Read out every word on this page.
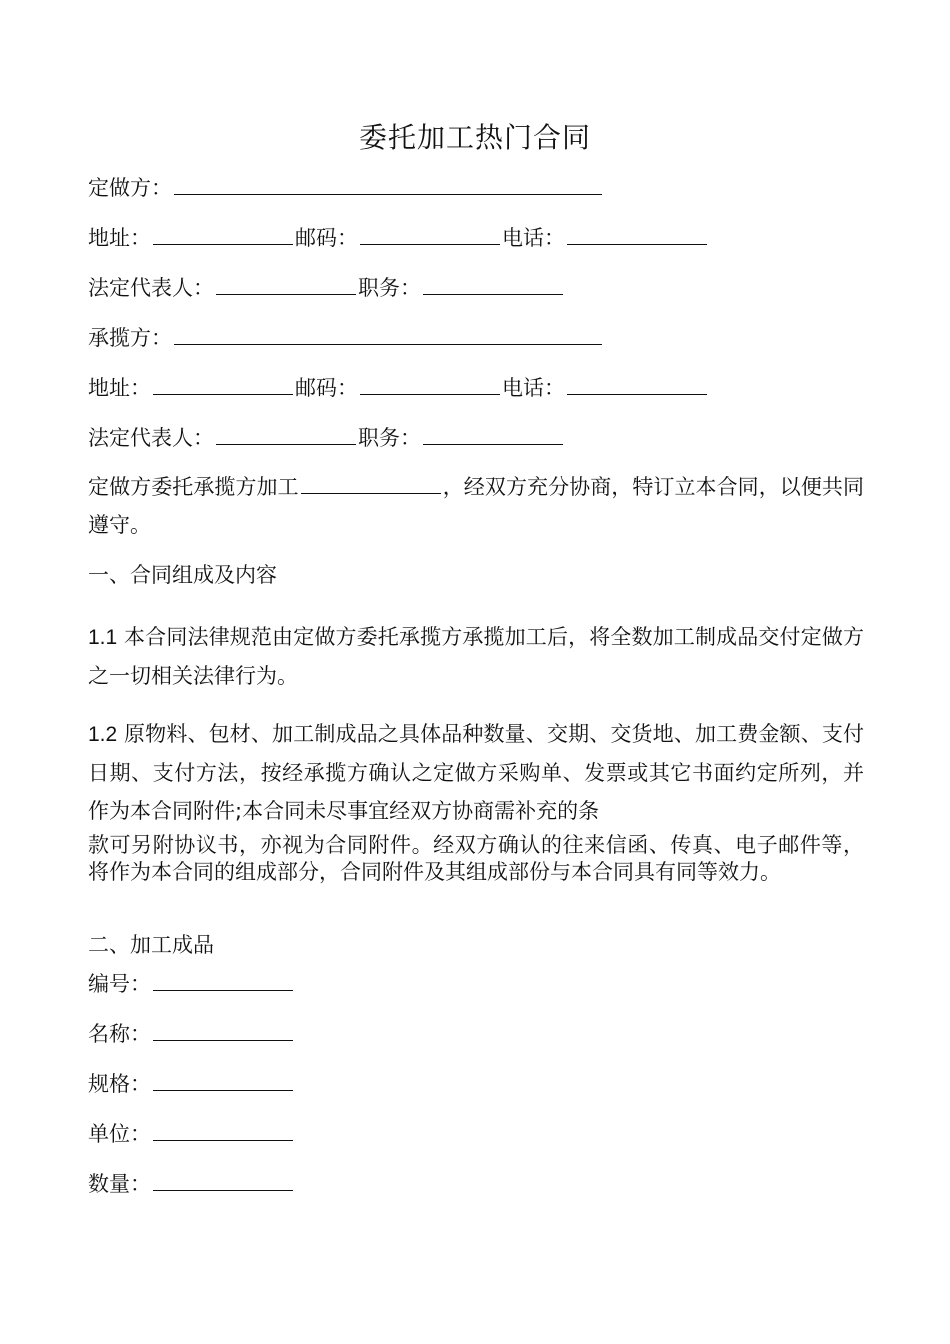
委托加工热门合同
定做方：
地址：	邮码：	电话：
法定代表人：	职务：
承揽方：
地址：	邮码：	电话：
法定代表人：	职务：
定做方委托承揽方加工	，经双方充分协商，特订立本合同，以便共同遵守。
一、合同组成及内容
1.1 本合同法律规范由定做方委托承揽方承揽加工后，将全数加工制成品交付定做方之一切相关法律行为。
1.2 原物料、包材、加工制成品之具体品种数量、交期、交货地、加工费金额、支付日期、支付方法，按经承揽方确认之定做方采购单、发票或其它书面约定所列，并作为本合同附件;本合同未尽事宜经双方协商需补充的条
款可另附协议书，亦视为合同附件。经双方确认的往来信函、传真、电子邮件等，将作为本合同的组成部分，合同附件及其组成部份与本合同具有同等效力。
二、加工成品
编号：
名称：
规格：
单位：
数量：
